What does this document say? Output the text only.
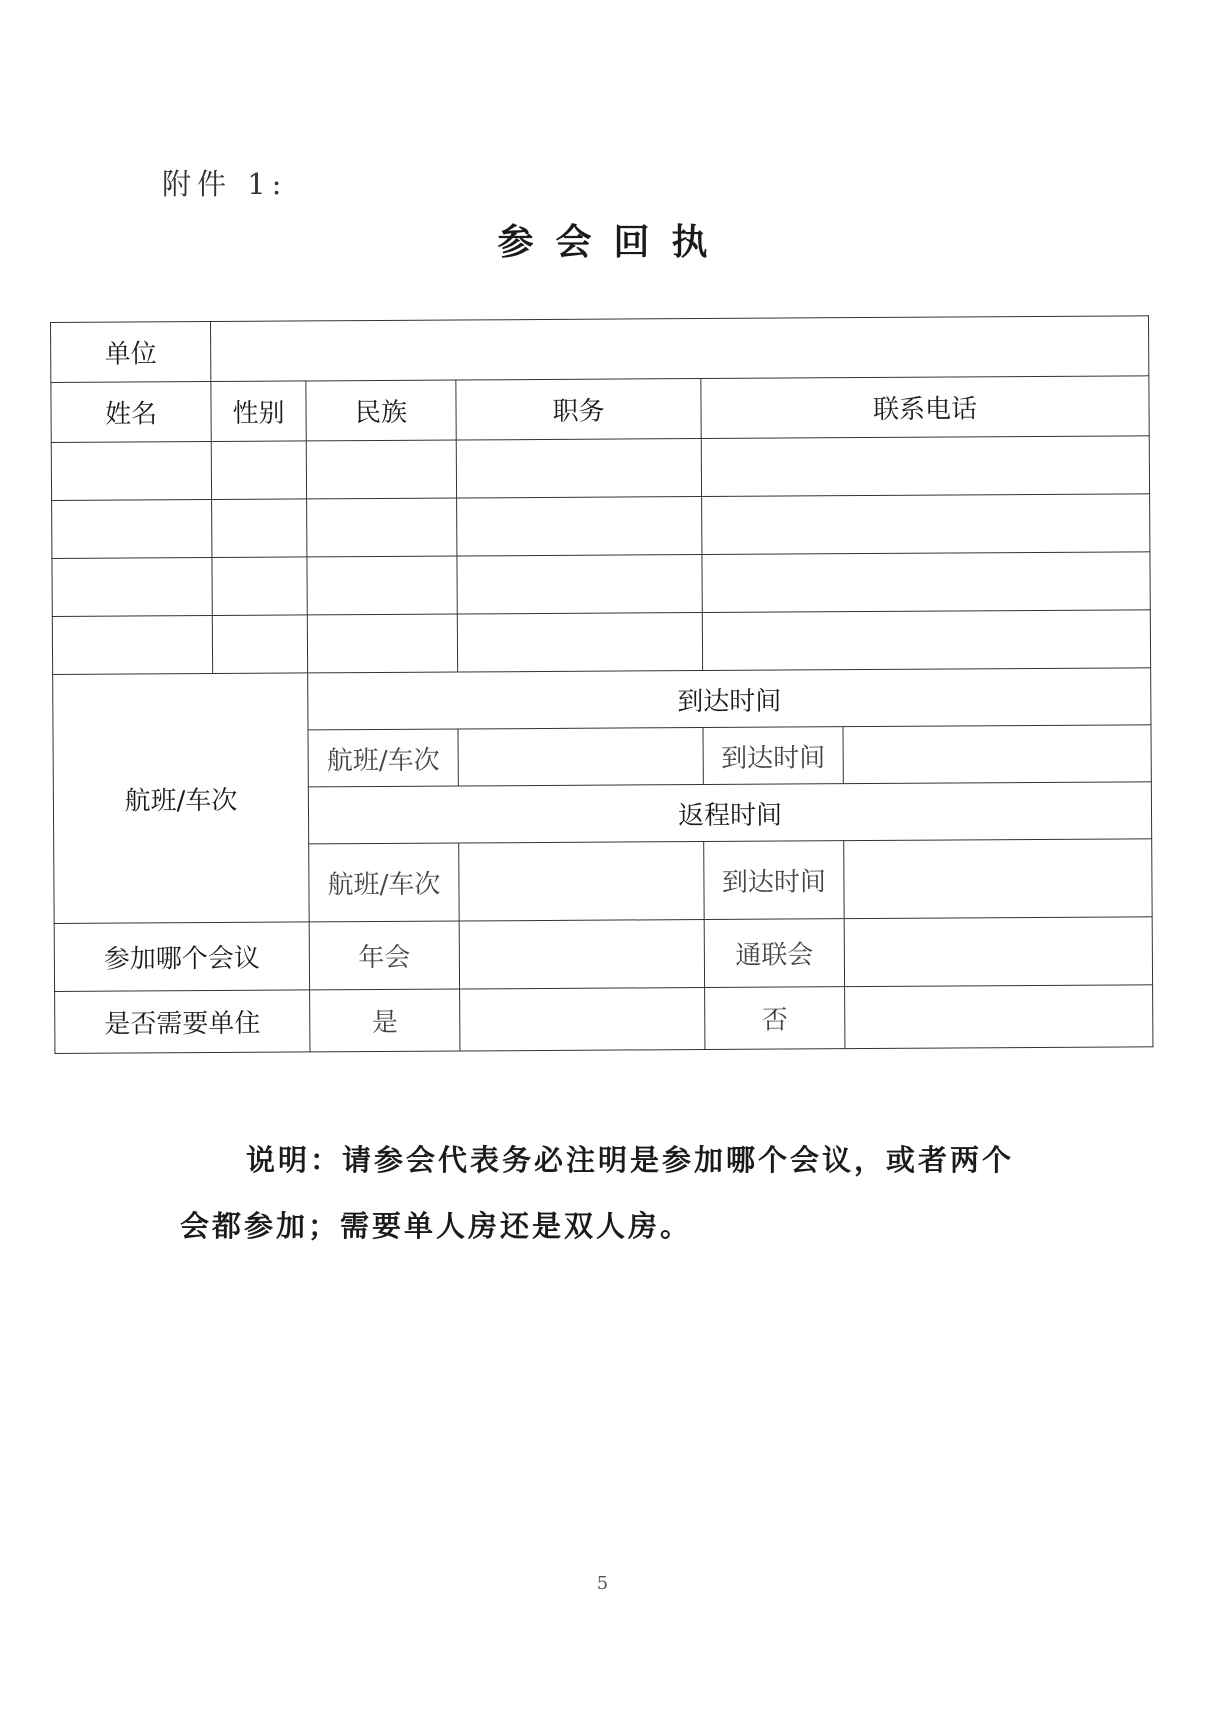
附件 1:
参会回执
单位					
姓名	性别	民族	职务	联系电话	

航班/车次		到达时间			
		航班/车次		到达时间	
		返程时间			
		航班/车次		到达时间	
参加哪个会议		年会		通联会	
是否需要单住		是		否	
说明：请参会代表务必注明是参加哪个会议，或者两个
会都参加；需要单人房还是双人房。
5
